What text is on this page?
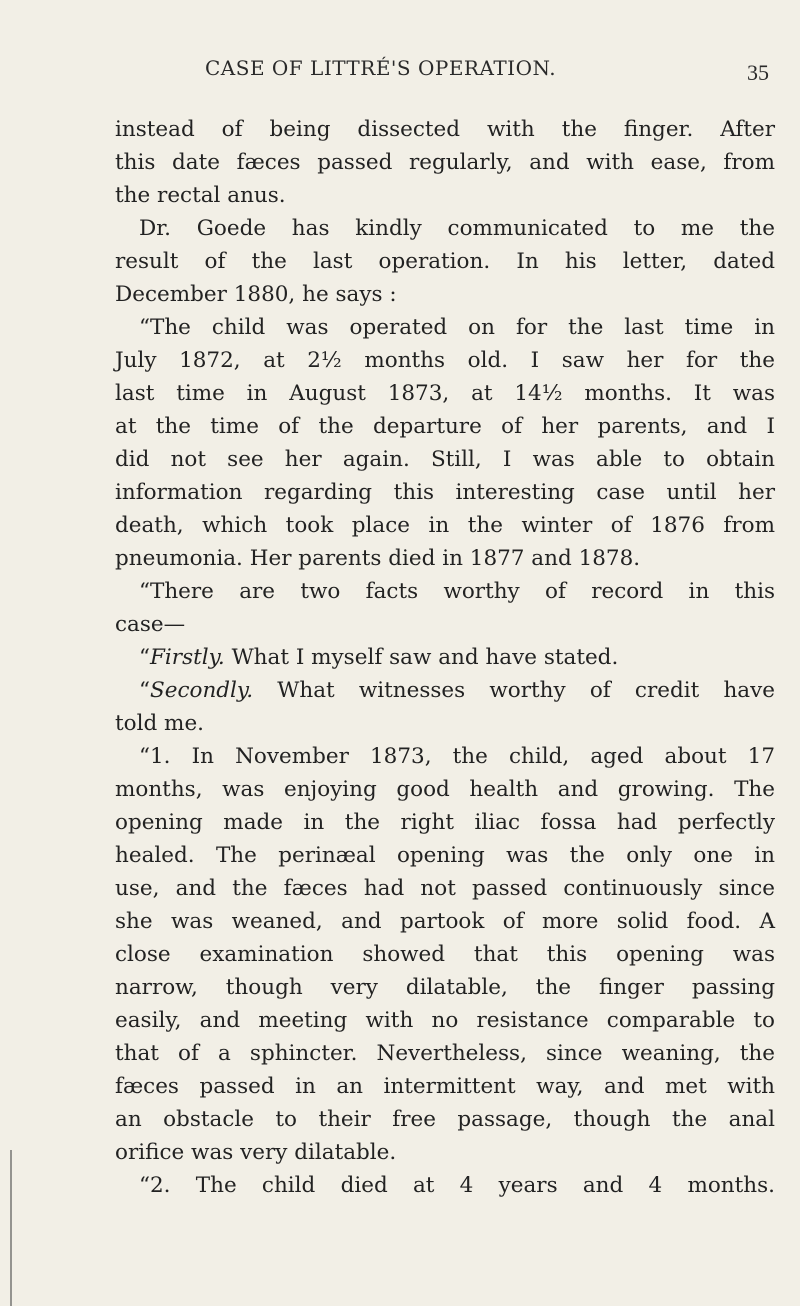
CASE OF LITTRÉ'S OPERATION.	35
instead of being dissected with the finger. After
this date fæces passed regularly, and with ease, from
the rectal anus.
Dr. Goede has kindly communicated to me the
result of the last operation. In his letter, dated
December 1880, he says :
“The child was operated on for the last time in
July 1872, at 2½ months old. I saw her for the
last time in August 1873, at 14½ months. It was
at the time of the departure of her parents, and I
did not see her again. Still, I was able to obtain
information regarding this interesting case until her
death, which took place in the winter of 1876 from
pneumonia. Her parents died in 1877 and 1878.
“There are two facts worthy of record in this
case—
“Firstly. What I myself saw and have stated.
“Secondly. What witnesses worthy of credit have
told me.
“1. In November 1873, the child, aged about 17
months, was enjoying good health and growing. The
opening made in the right iliac fossa had perfectly
healed. The perinæal opening was the only one in
use, and the fæces had not passed continuously since
she was weaned, and partook of more solid food. A
close examination showed that this opening was
narrow, though very dilatable, the finger passing
easily, and meeting with no resistance comparable to
that of a sphincter. Nevertheless, since weaning, the
fæces passed in an intermittent way, and met with
an obstacle to their free passage, though the anal
orifice was very dilatable.
“2. The child died at 4 years and 4 months.
